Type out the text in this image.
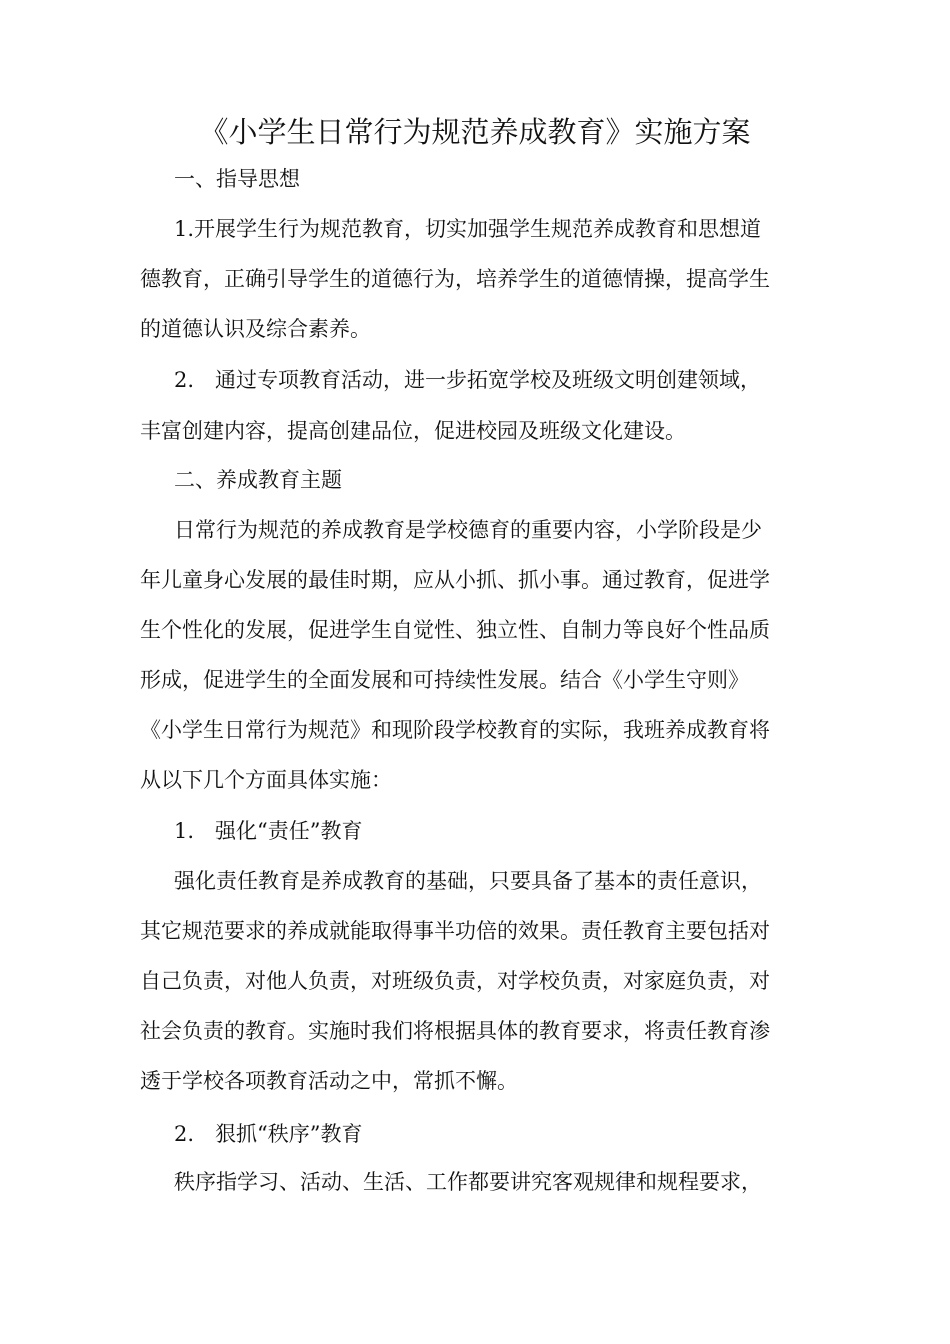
《小学生日常行为规范养成教育》实施方案
一、指导思想
1.开展学生行为规范教育，切实加强学生规范养成教育和思想道
德教育，正确引导学生的道德行为，培养学生的道德情操，提高学生
的道德认识及综合素养。
2.　通过专项教育活动，进一步拓宽学校及班级文明创建领域，
丰富创建内容，提高创建品位，促进校园及班级文化建设。
二、养成教育主题
日常行为规范的养成教育是学校德育的重要内容，小学阶段是少
年儿童身心发展的最佳时期，应从小抓、抓小事。通过教育，促进学
生个性化的发展，促进学生自觉性、独立性、自制力等良好个性品质
形成，促进学生的全面发展和可持续性发展。结合《小学生守则》
《小学生日常行为规范》和现阶段学校教育的实际，我班养成教育将
从以下几个方面具体实施：
1.　强化“责任”教育
强化责任教育是养成教育的基础，只要具备了基本的责任意识，
其它规范要求的养成就能取得事半功倍的效果。责任教育主要包括对
自己负责，对他人负责，对班级负责，对学校负责，对家庭负责，对
社会负责的教育。实施时我们将根据具体的教育要求，将责任教育渗
透于学校各项教育活动之中，常抓不懈。
2.　狠抓“秩序”教育
秩序指学习、活动、生活、工作都要讲究客观规律和规程要求，
